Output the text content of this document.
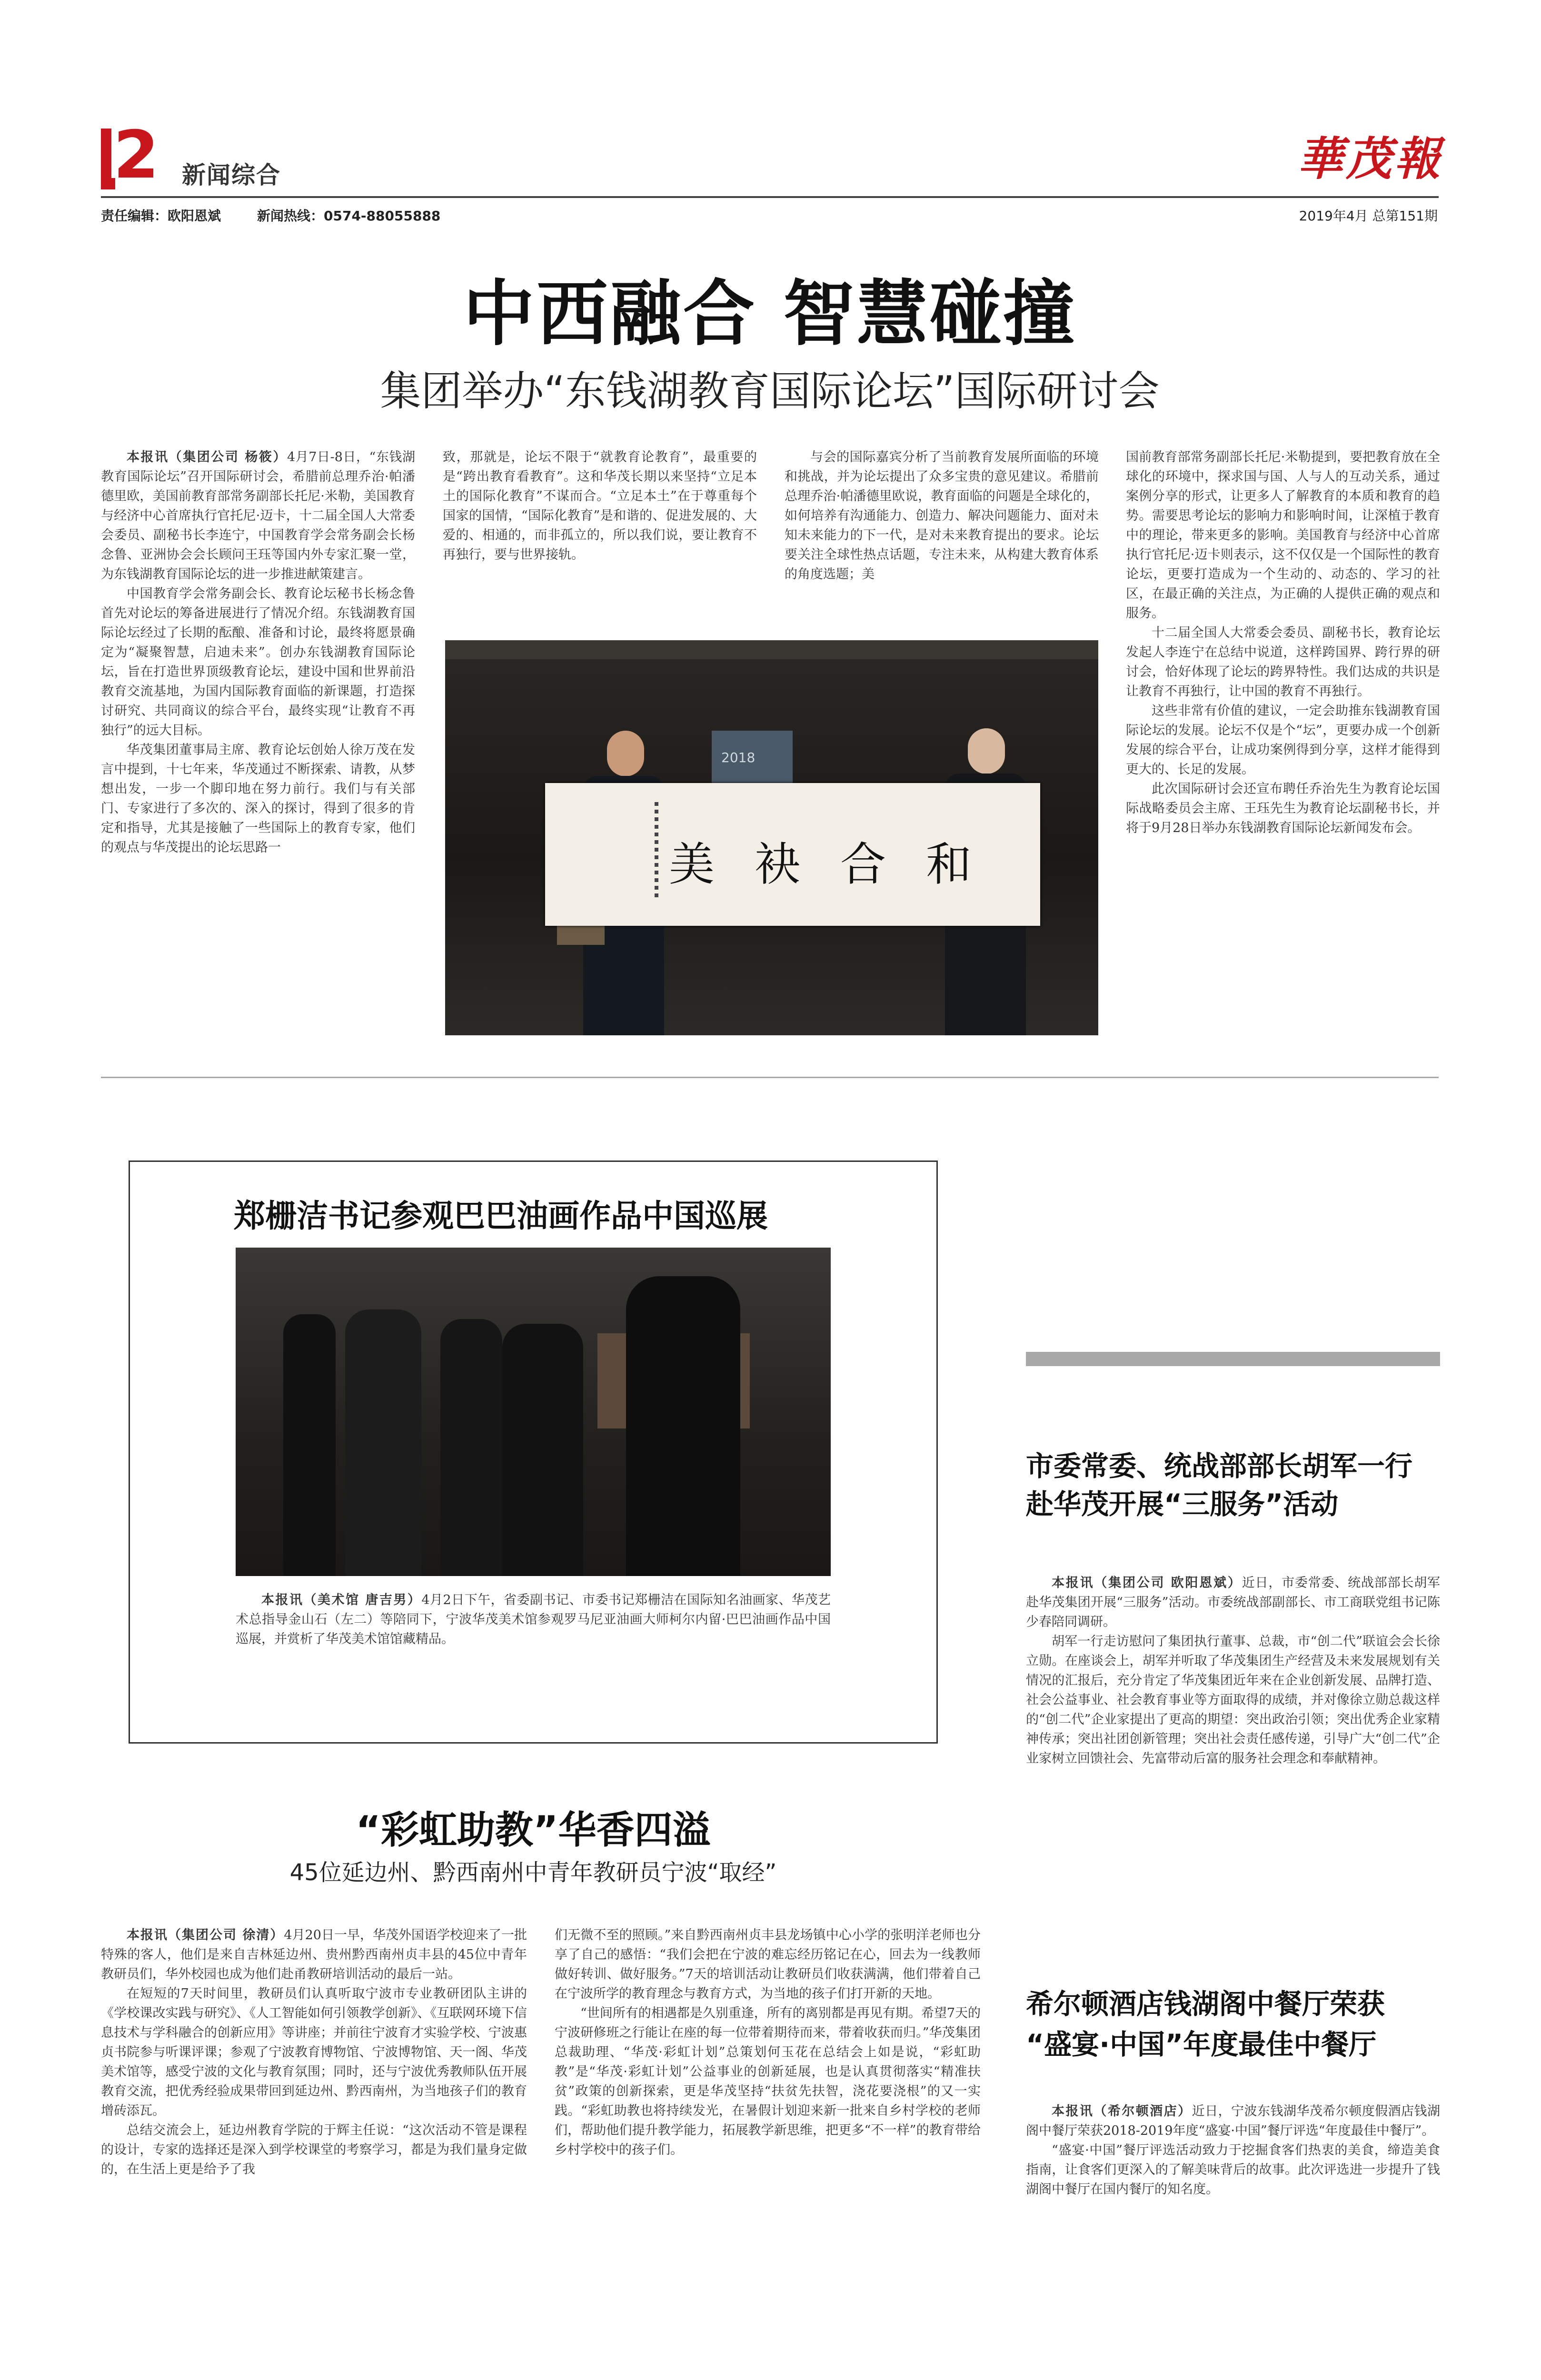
2 新闻综合	華茂報
责任编辑：欧阳恩斌	新闻热线：0574-88055888	2019年4月 总第151期
中西融合 智慧碰撞
集团举办“东钱湖教育国际论坛”国际研讨会

本报讯（集团公司 杨筱）4月7日-8日，“东钱湖教育国际论坛”召开国际研讨会，希腊前总理乔治·帕潘德里欧，美国前教育部常务副部长托尼·米勒，美国教育与经济中心首席执行官托尼·迈卡，十二届全国人大常委会委员、副秘书长李连宁，中国教育学会常务副会长杨念鲁、亚洲协会会长顾问王珏等国内外专家汇聚一堂，为东钱湖教育国际论坛的进一步推进献策建言。

中国教育学会常务副会长、教育论坛秘书长杨念鲁首先对论坛的筹备进展进行了情况介绍。东钱湖教育国际论坛经过了长期的酝酿、准备和讨论，最终将愿景确定为“凝聚智慧，启迪未来”。创办东钱湖教育国际论坛，旨在打造世界顶级教育论坛，建设中国和世界前沿教育交流基地，为国内国际教育面临的新课题，打造探讨研究、共同商议的综合平台，最终实现“让教育不再独行”的远大目标。

华茂集团董事局主席、教育论坛创始人徐万茂在发言中提到，十七年来，华茂通过不断探索、请教，从梦想出发，一步一个脚印地在努力前行。我们与有关部门、专家进行了多次的、深入的探讨，得到了很多的肯定和指导，尤其是接触了一些国际上的教育专家，他们的观点与华茂提出的论坛思路一

致，那就是，论坛不限于“就教育论教育”，最重要的是“跨出教育看教育”。这和华茂长期以来坚持“立足本土的国际化教育”不谋而合。“立足本土”在于尊重每个国家的国情，“国际化教育”是和谐的、促进发展的、大爱的、相通的，而非孤立的，所以我们说，要让教育不再独行，要与世界接轨。

与会的国际嘉宾分析了当前教育发展所面临的环境和挑战，并为论坛提出了众多宝贵的意见建议。希腊前总理乔治·帕潘德里欧说，教育面临的问题是全球化的，如何培养有沟通能力、创造力、解决问题能力、面对未知未来能力的下一代，是对未来教育提出的要求。论坛要关注全球性热点话题，专注未来，从构建大教育体系的角度选题；美

2018
和
合
袂
美

国前教育部常务副部长托尼·米勒提到，要把教育放在全球化的环境中，探求国与国、人与人的互动关系，通过案例分享的形式，让更多人了解教育的本质和教育的趋势。需要思考论坛的影响力和影响时间，让深植于教育中的理论，带来更多的影响。美国教育与经济中心首席执行官托尼·迈卡则表示，这不仅仅是一个国际性的教育论坛，更要打造成为一个生动的、动态的、学习的社区，在最正确的关注点，为正确的人提供正确的观点和服务。

十二届全国人大常委会委员、副秘书长，教育论坛发起人李连宁在总结中说道，这样跨国界、跨行界的研讨会，恰好体现了论坛的跨界特性。我们达成的共识是让教育不再独行，让中国的教育不再独行。

这些非常有价值的建议，一定会助推东钱湖教育国际论坛的发展。论坛不仅是个“坛”，更要办成一个创新发展的综合平台，让成功案例得到分享，这样才能得到更大的、长足的发展。

此次国际研讨会还宣布聘任乔治先生为教育论坛国际战略委员会主席、王珏先生为教育论坛副秘书长，并将于9月28日举办东钱湖教育国际论坛新闻发布会。

郑栅洁书记参观巴巴油画作品中国巡展

本报讯（美术馆 唐吉男）4月2日下午，省委副书记、市委书记郑栅洁在国际知名油画家、华茂艺术总指导金山石（左二）等陪同下，宁波华茂美术馆参观罗马尼亚油画大师柯尔内留·巴巴油画作品中国巡展，并赏析了华茂美术馆馆藏精品。

“彩虹助教”华香四溢
45位延边州、黔西南州中青年教研员宁波“取经”

本报讯（集团公司 徐清）4月20日一早，华茂外国语学校迎来了一批特殊的客人，他们是来自吉林延边州、贵州黔西南州贞丰县的45位中青年教研员们，华外校园也成为他们赴甬教研培训活动的最后一站。

在短短的7天时间里，教研员们认真听取宁波市专业教研团队主讲的《学校课改实践与研究》、《人工智能如何引领教学创新》、《互联网环境下信息技术与学科融合的创新应用》等讲座；并前往宁波育才实验学校、宁波惠贞书院参与听课评课；参观了宁波教育博物馆、宁波博物馆、天一阁、华茂美术馆等，感受宁波的文化与教育氛围；同时，还与宁波优秀教师队伍开展教育交流，把优秀经验成果带回到延边州、黔西南州，为当地孩子们的教育增砖添瓦。

总结交流会上，延边州教育学院的于辉主任说：“这次活动不管是课程的设计，专家的选择还是深入到学校课堂的考察学习，都是为我们量身定做的，在生活上更是给予了我

们无微不至的照顾。”来自黔西南州贞丰县龙场镇中心小学的张明洋老师也分享了自己的感悟：“我们会把在宁波的难忘经历铭记在心，回去为一线教师做好转训、做好服务。”7天的培训活动让教研员们收获满满，他们带着自己在宁波所学的教育理念与教育方式，为当地的孩子们打开新的天地。

“世间所有的相遇都是久别重逢，所有的离别都是再见有期。希望7天的宁波研修班之行能让在座的每一位带着期待而来，带着收获而归。”华茂集团总裁助理、“华茂·彩虹计划”总策划何玉花在总结会上如是说，“彩虹助教”是“华茂·彩虹计划”公益事业的创新延展，也是认真贯彻落实“精准扶贫”政策的创新探索，更是华茂坚持“扶贫先扶智，浇花要浇根”的又一实践。“彩虹助教也将持续发光，在暑假计划迎来新一批来自乡村学校的老师们，帮助他们提升教学能力，拓展教学新思维，把更多“不一样”的教育带给乡村学校中的孩子们。

市委常委、统战部部长胡军一行
赴华茂开展“三服务”活动

本报讯（集团公司 欧阳恩斌）近日，市委常委、统战部部长胡军赴华茂集团开展“三服务”活动。市委统战部副部长、市工商联党组书记陈少春陪同调研。

胡军一行走访慰问了集团执行董事、总裁，市“创二代”联谊会会长徐立勋。在座谈会上，胡军并听取了华茂集团生产经营及未来发展规划有关情况的汇报后，充分肯定了华茂集团近年来在企业创新发展、品牌打造、社会公益事业、社会教育事业等方面取得的成绩，并对像徐立勋总裁这样的“创二代”企业家提出了更高的期望：突出政治引领；突出优秀企业家精神传承；突出社团创新管理；突出社会责任感传递，引导广大“创二代”企业家树立回馈社会、先富带动后富的服务社会理念和奉献精神。

希尔顿酒店钱湖阁中餐厅荣获
“盛宴·中国”年度最佳中餐厅

本报讯（希尔顿酒店）近日，宁波东钱湖华茂希尔顿度假酒店钱湖阁中餐厅荣获2018-2019年度“盛宴·中国”餐厅评选“年度最佳中餐厅”。

“盛宴·中国”餐厅评选活动致力于挖掘食客们热衷的美食，缔造美食指南，让食客们更深入的了解美味背后的故事。此次评选进一步提升了钱湖阁中餐厅在国内餐厅的知名度。
